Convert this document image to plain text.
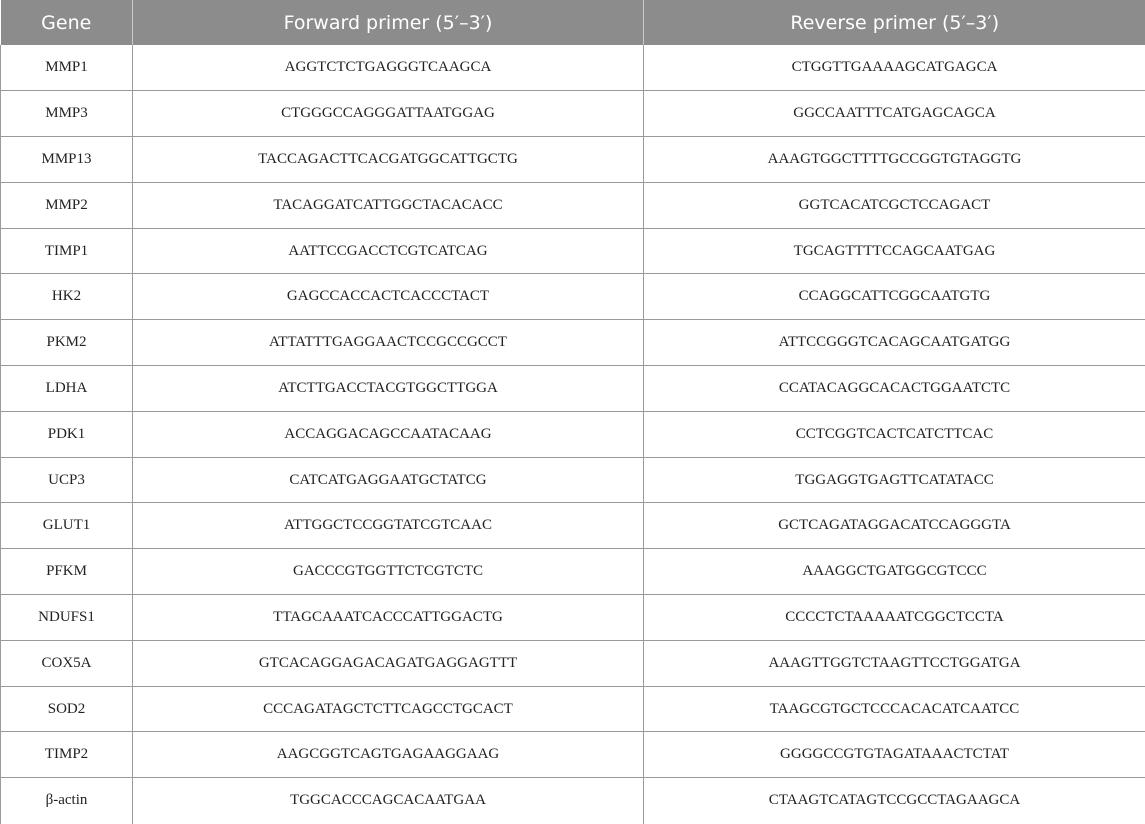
Gene	Forward primer (5′–3′)	Reverse primer (5′–3′)
MMP1	AGGTCTCTGAGGGTCAAGCA	CTGGTTGAAAAGCATGAGCA
MMP3	CTGGGCCAGGGATTAATGGAG	GGCCAATTTCATGAGCAGCA
MMP13	TACCAGACTTCACGATGGCATTGCTG	AAAGTGGCTTTTGCCGGTGTAGGTG
MMP2	TACAGGATCATTGGCTACACACC	GGTCACATCGCTCCAGACT
TIMP1	AATTCCGACCTCGTCATCAG	TGCAGTTTTCCAGCAATGAG
HK2	GAGCCACCACTCACCCTACT	CCAGGCATTCGGCAATGTG
PKM2	ATTATTTGAGGAACTCCGCCGCCT	ATTCCGGGTCACAGCAATGATGG
LDHA	ATCTTGACCTACGTGGCTTGGA	CCATACAGGCACACTGGAATCTC
PDK1	ACCAGGACAGCCAATACAAG	CCTCGGTCACTCATCTTCAC
UCP3	CATCATGAGGAATGCTATCG	TGGAGGTGAGTTCATATACC
GLUT1	ATTGGCTCCGGTATCGTCAAC	GCTCAGATAGGACATCCAGGGTA
PFKM	GACCCGTGGTTCTCGTCTC	AAAGGCTGATGGCGTCCC
NDUFS1	TTAGCAAATCACCCATTGGACTG	CCCCTCTAAAAATCGGCTCCTA
COX5A	GTCACAGGAGACAGATGAGGAGTTT	AAAGTTGGTCTAAGTTCCTGGATGA
SOD2	CCCAGATAGCTCTTCAGCCTGCACT	TAAGCGTGCTCCCACACATCAATCC
TIMP2	AAGCGGTCAGTGAGAAGGAAG	GGGGCCGTGTAGATAAACTCTAT
β-actin	TGGCACCCAGCACAATGAA	CTAAGTCATAGTCCGCCTAGAAGCA
